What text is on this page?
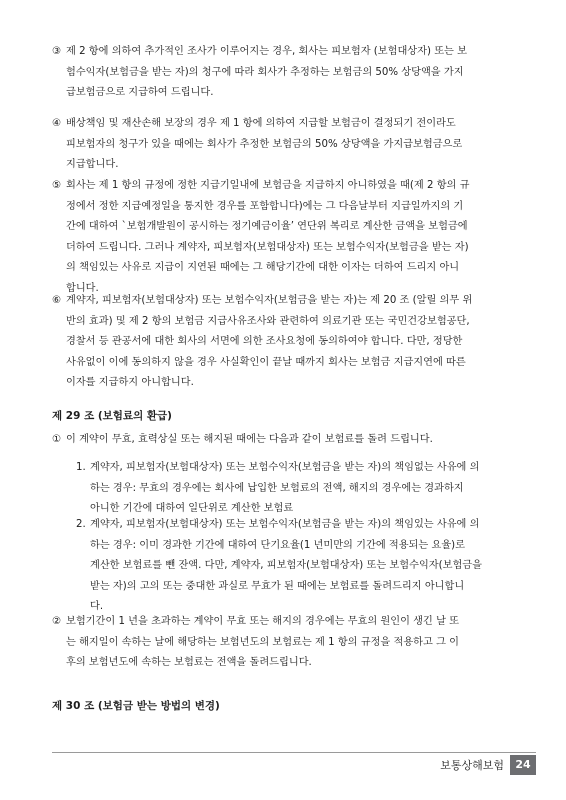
③ 제 2 항에 의하여 추가적인 조사가 이루어지는 경우, 회사는 피보험자 (보험대상자) 또는 보
험수익자(보험금을 받는 자)의 청구에 따라 회사가 추정하는 보험금의 50% 상당액을 가지
급보험금으로 지급하여 드립니다.
④ 배상책임 및 재산손해 보장의 경우 제 1 항에 의하여 지급할 보험금이 결정되기 전이라도
피보험자의 청구가 있을 때에는 회사가 추정한 보험금의 50% 상당액을 가지급보험금으로
지급합니다.
⑤ 회사는 제 1 항의 규정에 정한 지급기일내에 보험금을 지급하지 아니하였을 때(제 2 항의 규
정에서 정한 지급예정일을 통지한 경우를 포함합니다)에는 그 다음날부터 지급일까지의 기
간에 대하여 `보험개발원이 공시하는 정기예금이율’ 연단위 복리로 계산한 금액을 보험금에
더하여 드립니다. 그러나 계약자, 피보험자(보험대상자) 또는 보험수익자(보험금을 받는 자)
의 책임있는 사유로 지급이 지연된 때에는 그 해당기간에 대한 이자는 더하여 드리지 아니
합니다.
⑥ 계약자, 피보험자(보험대상자) 또는 보험수익자(보험금을 받는 자)는 제 20 조 (알릴 의무 위
반의 효과) 및 제 2 항의 보험금 지급사유조사와 관련하여 의료기관 또는 국민건강보험공단,
경찰서 등 관공서에 대한 회사의 서면에 의한 조사요청에 동의하여야 합니다. 다만, 정당한
사유없이 이에 동의하지 않을 경우 사실확인이 끝날 때까지 회사는 보험금 지급지연에 따른
이자를 지급하지 아니합니다.
제 29 조 (보험료의 환급)
① 이 계약이 무효, 효력상실 또는 해지된 때에는 다음과 같이 보험료를 돌려 드립니다.
1. 계약자, 피보험자(보험대상자) 또는 보험수익자(보험금을 받는 자)의 책임없는 사유에 의
하는 경우: 무효의 경우에는 회사에 납입한 보험료의 전액, 해지의 경우에는 경과하지
아니한 기간에 대하여 일단위로 계산한 보험료
2. 계약자, 피보험자(보험대상자) 또는 보험수익자(보험금을 받는 자)의 책임있는 사유에 의
하는 경우: 이미 경과한 기간에 대하여 단기요율(1 년미만의 기간에 적용되는 요율)로
계산한 보험료를 뺀 잔액. 다만, 계약자, 피보험자(보험대상자) 또는 보험수익자(보험금을
받는 자)의 고의 또는 중대한 과실로 무효가 된 때에는 보험료를 돌려드리지 아니합니
다.
② 보험기간이 1 년을 초과하는 계약이 무효 또는 해지의 경우에는 무효의 원인이 생긴 날 또
는 해지일이 속하는 날에 해당하는 보험년도의 보험료는 제 1 항의 규정을 적용하고 그 이
후의 보험년도에 속하는 보험료는 전액을 돌려드립니다.
제 30 조 (보험금 받는 방법의 변경)
보통상해보험	24
